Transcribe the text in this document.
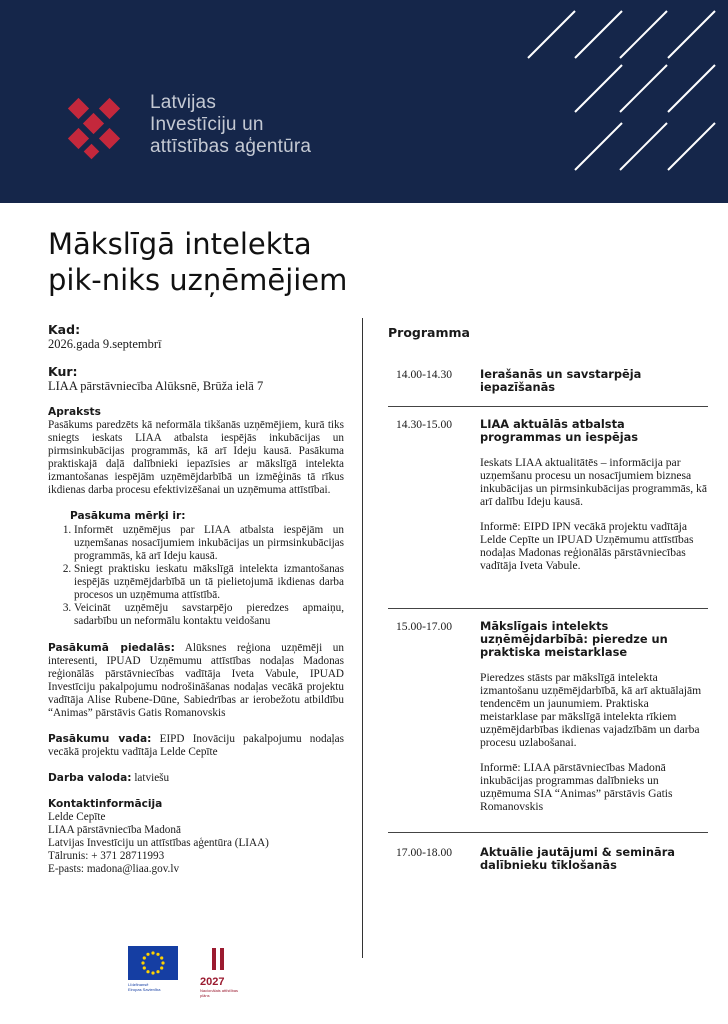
Latvijas
Investīciju un
attīstības aģentūra
Mākslīgā intelekta
pik-niks uzņēmējiem
Kad:
2026.gada 9.septembrī
Kur:
LIAA pārstāvniecība Alūksnē, Brūža ielā 7
Apraksts
Pasākums paredzēts kā neformāla tikšanās uzņēmējiem, kurā tiks sniegts ieskats LIAA atbalsta iespējās inkubācijas un pirmsinkubācijas programmās, kā arī Ideju kausā. Pasākuma praktiskajā daļā dalībnieki iepazīsies ar mākslīgā intelekta izmantošanas iespējām uzņēmējdarbībā un izmēģinās tā rīkus ikdienas darba procesu efektivizēšanai un uzņēmuma attīstībai.
Pasākuma mērķi ir:
1. Informēt uzņēmējus par LIAA atbalsta iespējām un uzņemšanas nosacījumiem inkubācijas un pirmsinkubācijas programmās, kā arī Ideju kausā.
2. Sniegt praktisku ieskatu mākslīgā intelekta izmantošanas iespējās uzņēmējdarbībā un tā pielietojumā ikdienas darba procesos un uzņēmuma attīstībā.
3. Veicināt uzņēmēju savstarpējo pieredzes apmaiņu, sadarbību un neformālu kontaktu veidošanu
Pasākumā piedalās: Alūksnes reģiona uzņēmēji un interesenti, IPUAD Uzņēmumu attīstības nodaļas Madonas reģionālās pārstāvniecības vadītāja Iveta Vabule, IPUAD Investīciju pakalpojumu nodrošināšanas nodaļas vecākā projektu vadītāja Alise Rubene-Dūne, Sabiedrības ar ierobežotu atbildību “Animas” pārstāvis Gatis Romanovskis
Pasākumu vada: EIPD Inovāciju pakalpojumu nodaļas vecākā projektu vadītāja Lelde Cepīte
Darba valoda: latviešu
Kontaktinformācija
Lelde Cepīte
LIAA pārstāvniecība Madonā
Latvijas Investīciju un attīstības aģentūra (LIAA)
Tālrunis: + 371 28711993
E-pasts: madona@liaa.gov.lv
Programma
14.00-14.30	Ierašanās un savstarpēja iepazīšanās
14.30-15.00	LIAA aktuālās atbalsta programmas un iespējas

Ieskats LIAA aktualitātēs – informācija par uzņemšanu procesu un nosacījumiem biznesa inkubācijas un pirmsinkubācijas programmās, kā arī dalību Ideju kausā.

Informē: EIPD IPN vecākā projektu vadītāja Lelde Cepīte un IPUAD Uzņēmumu attīstības nodaļas Madonas reģionālās pārstāvniecības vadītāja Iveta Vabule.

15.00-17.00	Mākslīgais intelekts uzņēmējdarbībā: pieredze un praktiska meistarklase

Pieredzes stāsts par mākslīgā intelekta izmantošanu uzņēmējdarbībā, kā arī aktuālajām tendencēm un jaunumiem. Praktiska meistarklase par mākslīgā intelekta rīkiem uzņēmējdarbības ikdienas vajadzībām un darba procesu uzlabošanai.

Informē: LIAA pārstāvniecības Madonā inkubācijas programmas dalībnieks un uzņēmuma SIA “Animas” pārstāvis Gatis Romanovskis

17.00-18.00	Aktuālie jautājumi & semināra dalībnieku tīklošanās
Līdzfinansē
Eiropas Savienība
2027
Nacionālais attīstības plāns
